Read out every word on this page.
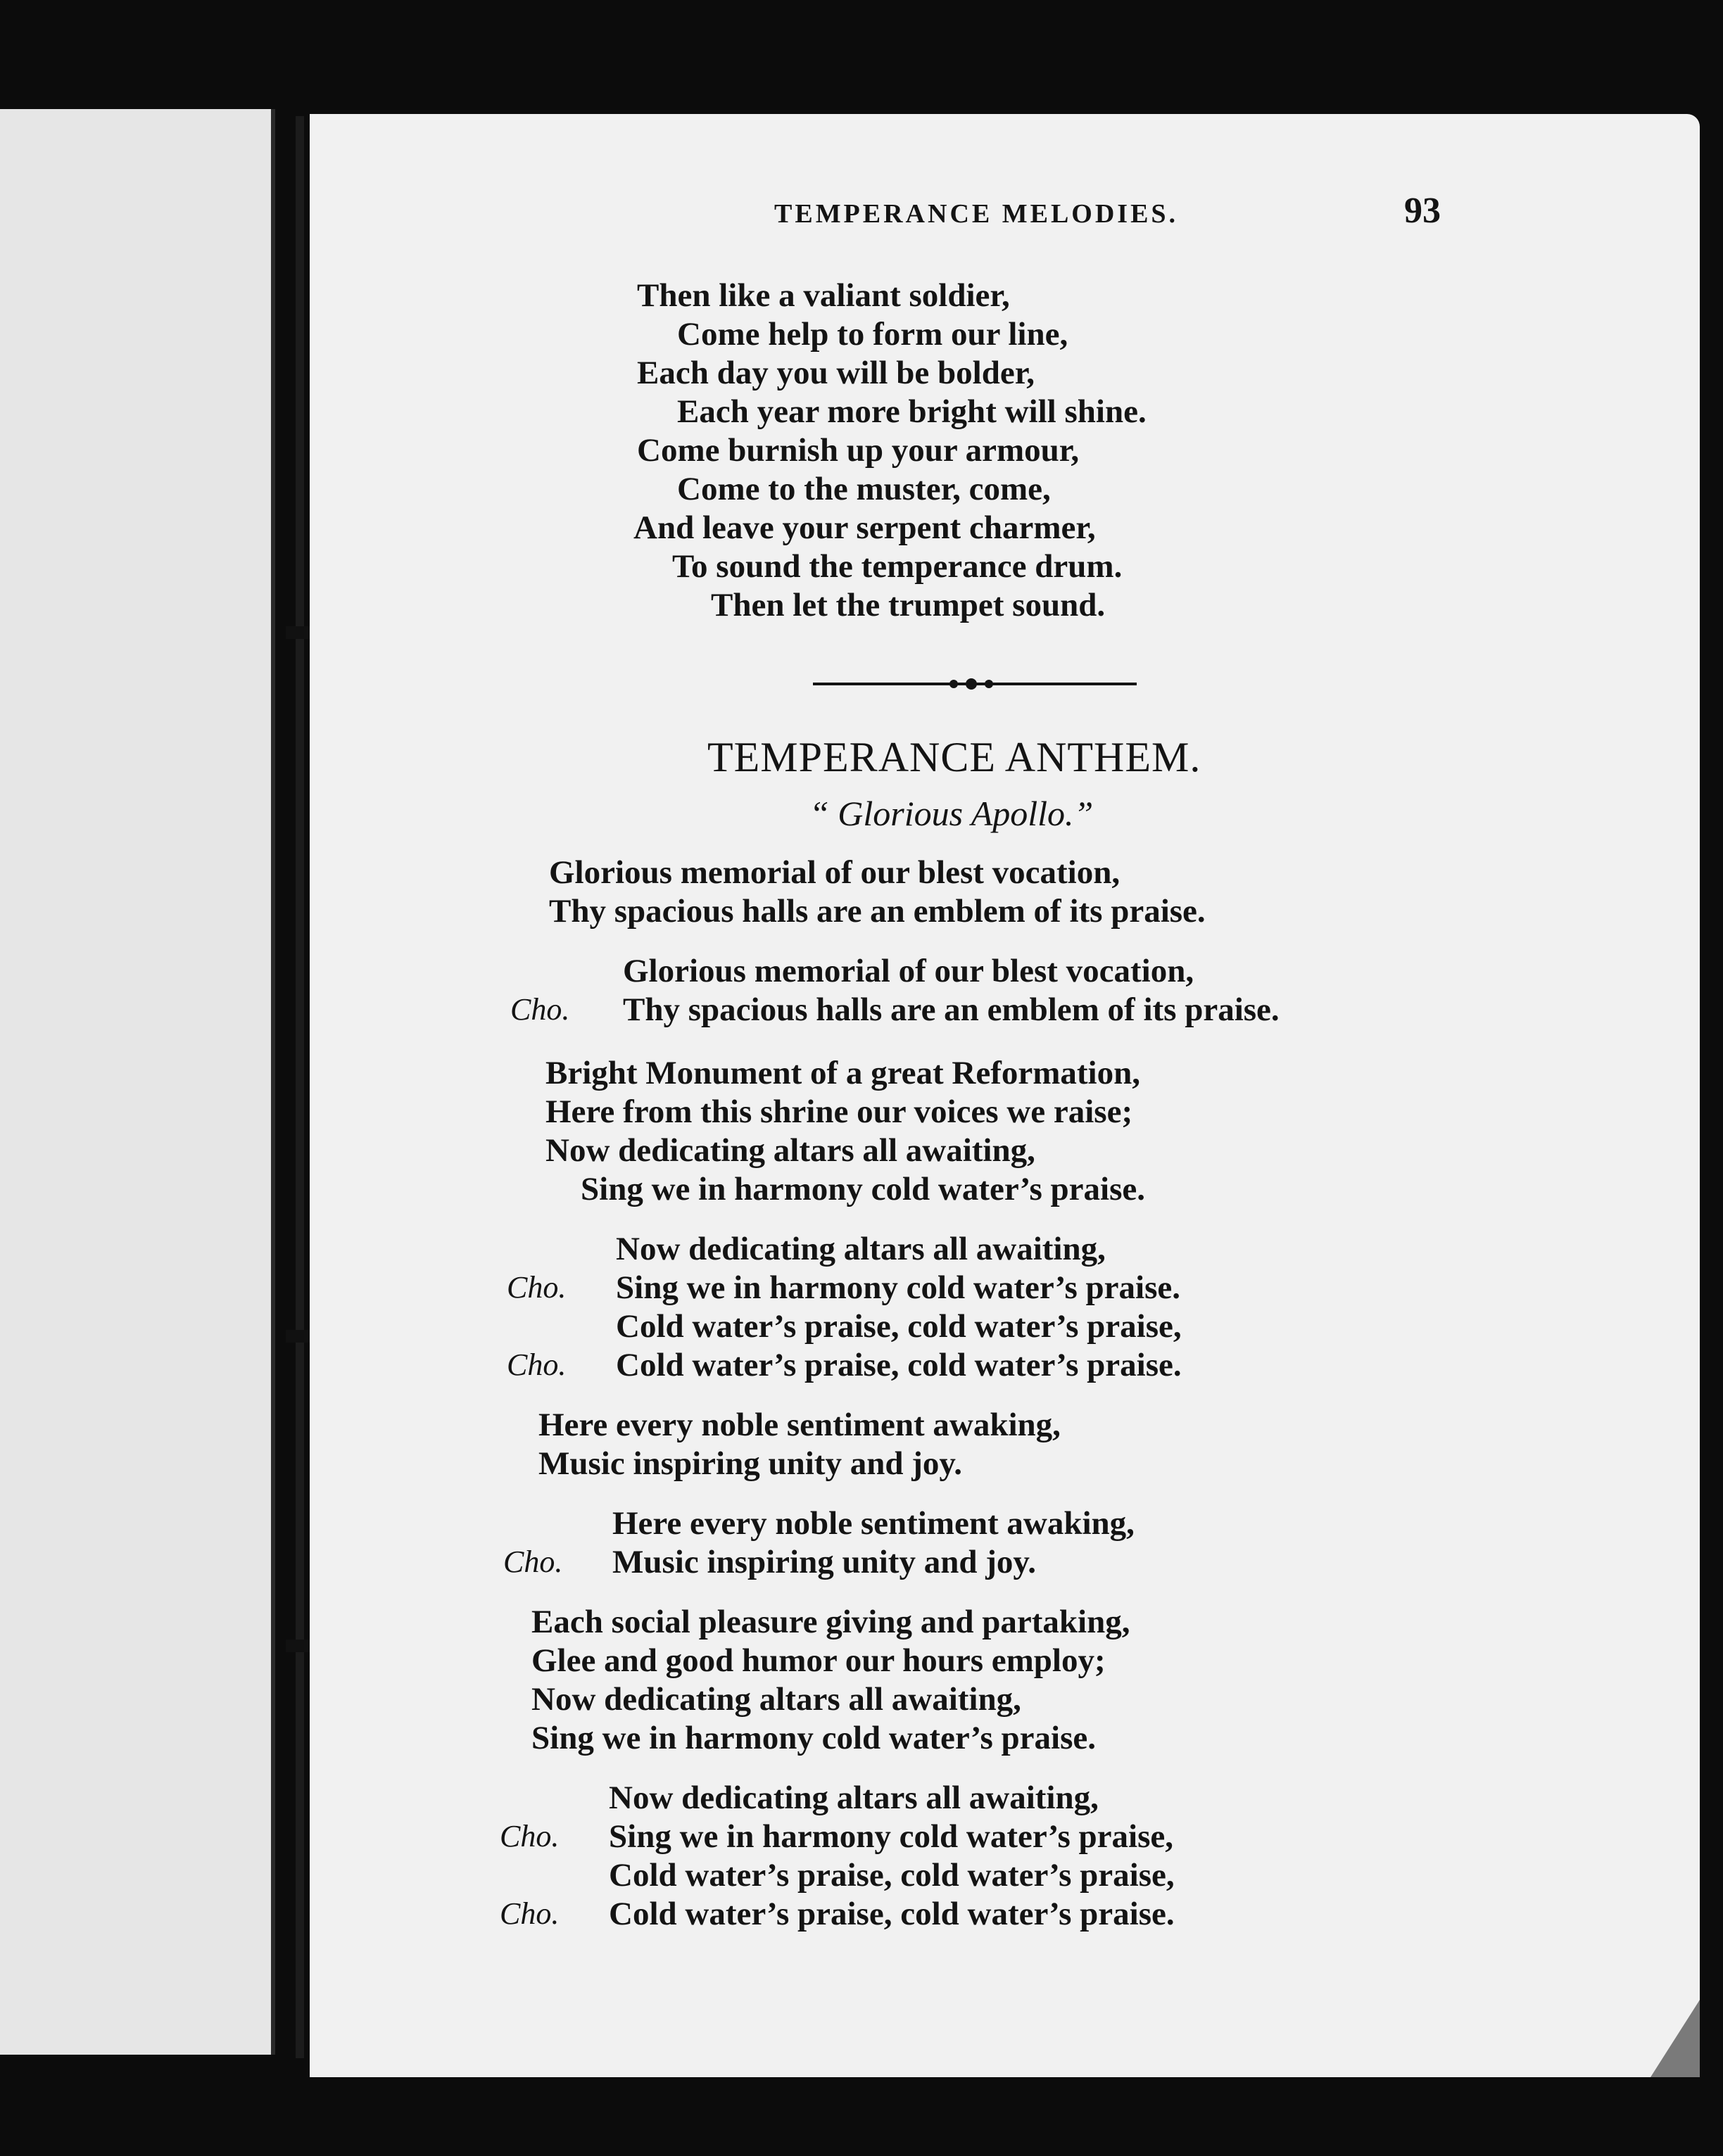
TEMPERANCE MELODIES.	93
Then like a valiant soldier,
Come help to form our line,
Each day you will be bolder,
Each year more bright will shine.
Come burnish up your armour,
Come to the muster, come,
And leave your serpent charmer,
To sound the temperance drum.
Then let the trumpet sound.
TEMPERANCE ANTHEM.
“ Glorious Apollo.”
Glorious memorial of our blest vocation,
Thy spacious halls are an emblem of its praise.
Glorious memorial of our blest vocation,
Cho. Thy spacious halls are an emblem of its praise.
Bright Monument of a great Reformation,
Here from this shrine our voices we raise;
Now dedicating altars all awaiting,
Sing we in harmony cold water’s praise.
Now dedicating altars all awaiting,
Cho. Sing we in harmony cold water’s praise.
Cold water’s praise, cold water’s praise,
Cho. Cold water’s praise, cold water’s praise.
Here every noble sentiment awaking,
Music inspiring unity and joy.
Here every noble sentiment awaking,
Cho. Music inspiring unity and joy.
Each social pleasure giving and partaking,
Glee and good humor our hours employ;
Now dedicating altars all awaiting,
Sing we in harmony cold water’s praise.
Now dedicating altars all awaiting,
Cho. Sing we in harmony cold water’s praise,
Cold water’s praise, cold water’s praise,
Cho. Cold water’s praise, cold water’s praise.
